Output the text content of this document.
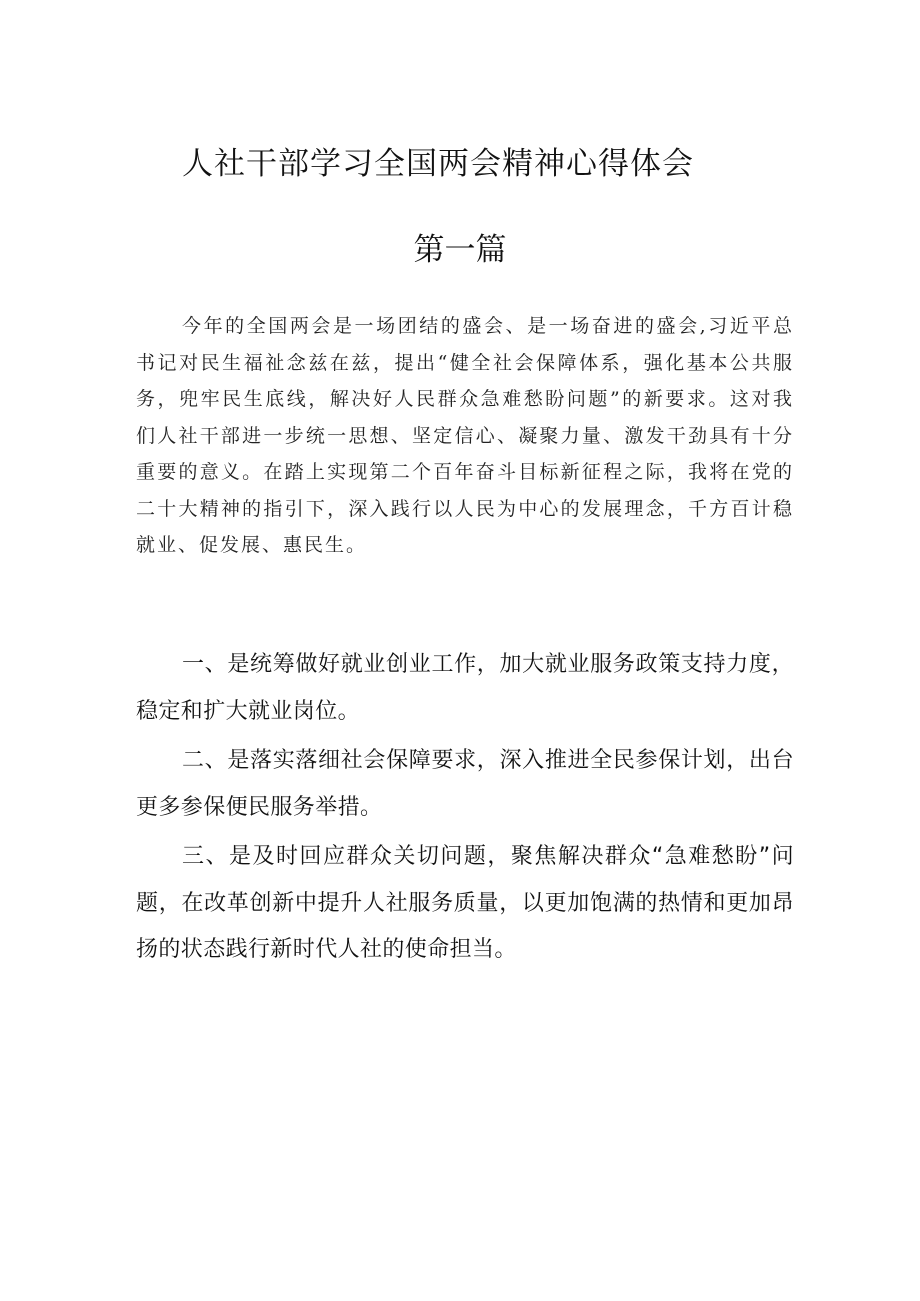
人社干部学习全国两会精神心得体会
第一篇

今年的全国两会是一场团结的盛会、是一场奋进的盛会,习近平总书记对民生福祉念兹在兹，提出“健全社会保障体系，强化基本公共服务，兜牢民生底线，解决好人民群众急难愁盼问题”的新要求。这对我们人社干部进一步统一思想、坚定信心、凝聚力量、激发干劲具有十分重要的意义。在踏上实现第二个百年奋斗目标新征程之际，我将在党的二十大精神的指引下，深入践行以人民为中心的发展理念，千方百计稳就业、促发展、惠民生。

一、是统筹做好就业创业工作，加大就业服务政策支持力度，稳定和扩大就业岗位。

二、是落实落细社会保障要求，深入推进全民参保计划，出台更多参保便民服务举措。

三、是及时回应群众关切问题，聚焦解决群众“急难愁盼”问题，在改革创新中提升人社服务质量，以更加饱满的热情和更加昂扬的状态践行新时代人社的使命担当。
